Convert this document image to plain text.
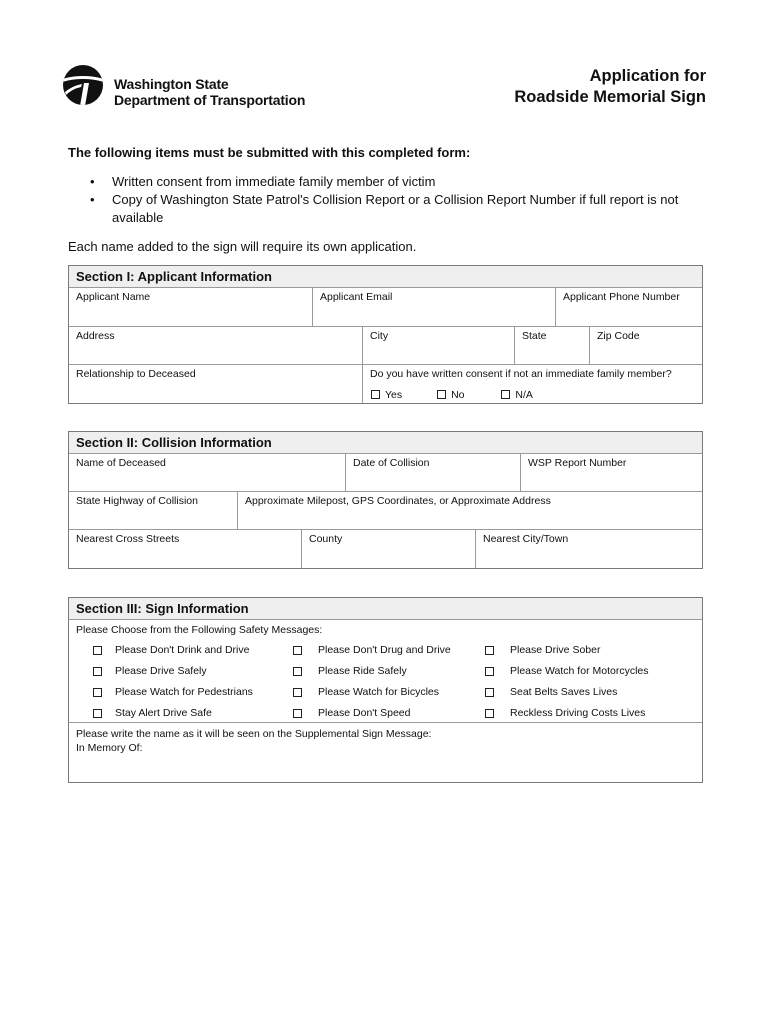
Washington State
Department of Transportation
Application for
Roadside Memorial Sign
The following items must be submitted with this completed form:
• Written consent from immediate family member of victim
• Copy of Washington State Patrol's Collision Report or a Collision Report Number if full report is not available
Each name added to the sign will require its own application.
Section I: Applicant Information
Applicant Name	Applicant Email	Applicant Phone Number
Address	City	State	Zip Code
Relationship to Deceased	Do you have written consent if not an immediate family member?
Yes	No	N/A
Section II: Collision Information
Name of Deceased	Date of Collision	WSP Report Number
State Highway of Collision	Approximate Milepost, GPS Coordinates, or Approximate Address
Nearest Cross Streets	County	Nearest City/Town
Section III: Sign Information
Please Choose from the Following Safety Messages:
Please Don't Drink and Drive	Please Don't Drug and Drive	Please Drive Sober
Please Drive Safely	Please Ride Safely	Please Watch for Motorcycles
Please Watch for Pedestrians	Please Watch for Bicycles	Seat Belts Saves Lives
Stay Alert Drive Safe	Please Don't Speed	Reckless Driving Costs Lives
Please write the name as it will be seen on the Supplemental Sign Message:
In Memory Of:
